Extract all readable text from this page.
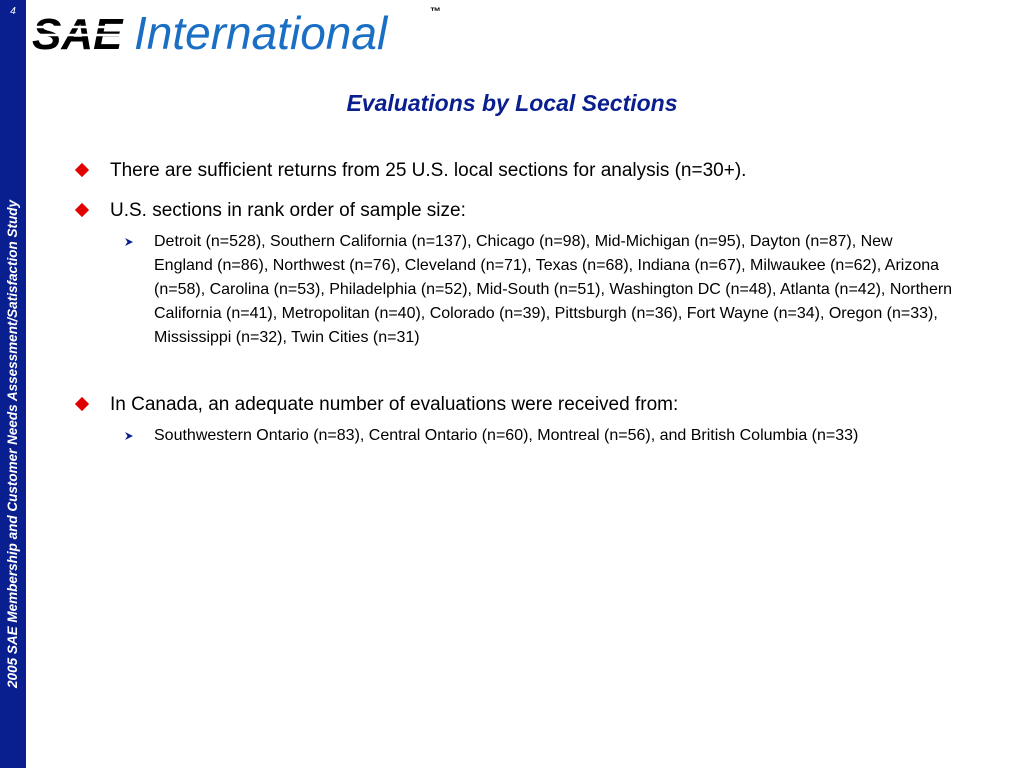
4
2005 SAE Membership and Customer Needs Assessment/Satisfaction Study
SAE International	™
Evaluations by Local Sections
There are sufficient returns from 25 U.S. local sections for analysis (n=30+).
U.S. sections in rank order of sample size:
Detroit (n=528), Southern California (n=137), Chicago (n=98), Mid-Michigan (n=95), Dayton (n=87), New England (n=86), Northwest (n=76), Cleveland (n=71), Texas (n=68), Indiana (n=67), Milwaukee (n=62), Arizona (n=58), Carolina (n=53), Philadelphia (n=52), Mid-South (n=51), Washington DC (n=48), Atlanta (n=42), Northern California (n=41), Metropolitan (n=40), Colorado (n=39), Pittsburgh (n=36), Fort Wayne (n=34), Oregon (n=33), Mississippi (n=32), Twin Cities (n=31)
In Canada, an adequate number of evaluations were received from:
Southwestern Ontario (n=83), Central Ontario (n=60), Montreal (n=56), and British Columbia (n=33)
